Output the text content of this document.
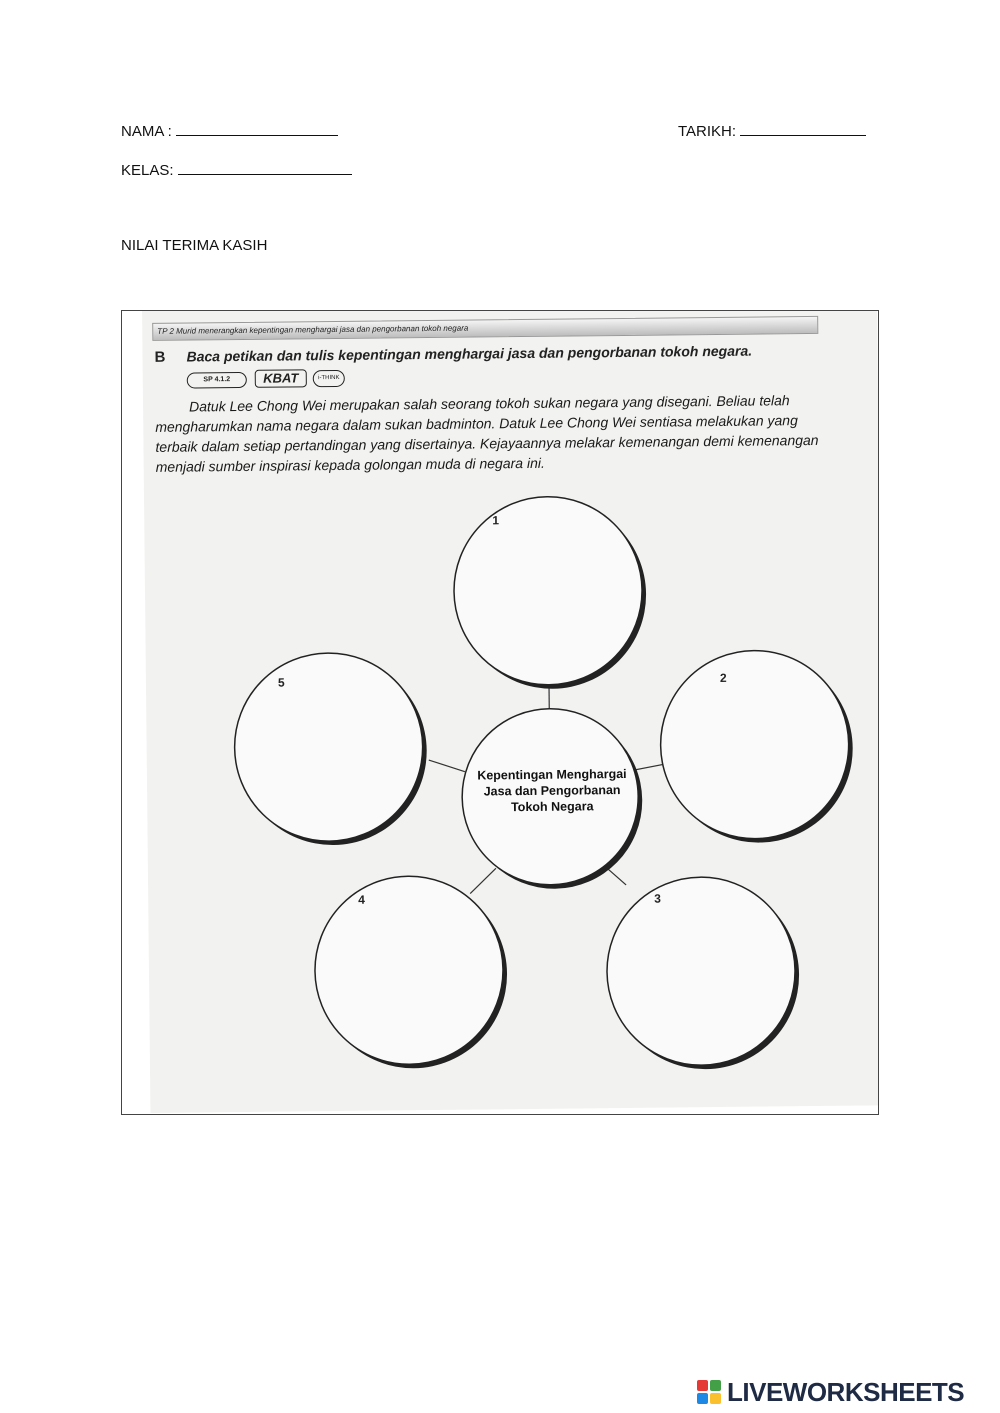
NAMA :	TARIKH:
KELAS:
NILAI TERIMA KASIH
TP 2 Murid menerangkan kepentingan menghargai jasa dan pengorbanan tokoh negara
B Baca petikan dan tulis kepentingan menghargai jasa dan pengorbanan tokoh negara.
SP 4.1.2	KBAT	i-THINK
Datuk Lee Chong Wei merupakan salah seorang tokoh sukan negara yang disegani. Beliau telah mengharumkan nama negara dalam sukan badminton. Datuk Lee Chong Wei sentiasa melakukan yang terbaik dalam setiap pertandingan yang disertainya. Kejayaannya melakar kemenangan demi kemenangan menjadi sumber inspirasi kepada golongan muda di negara ini.
1
2
3
4
5
Kepentingan Menghargai Jasa dan Pengorbanan Tokoh Negara
LIVEWORKSHEETS
